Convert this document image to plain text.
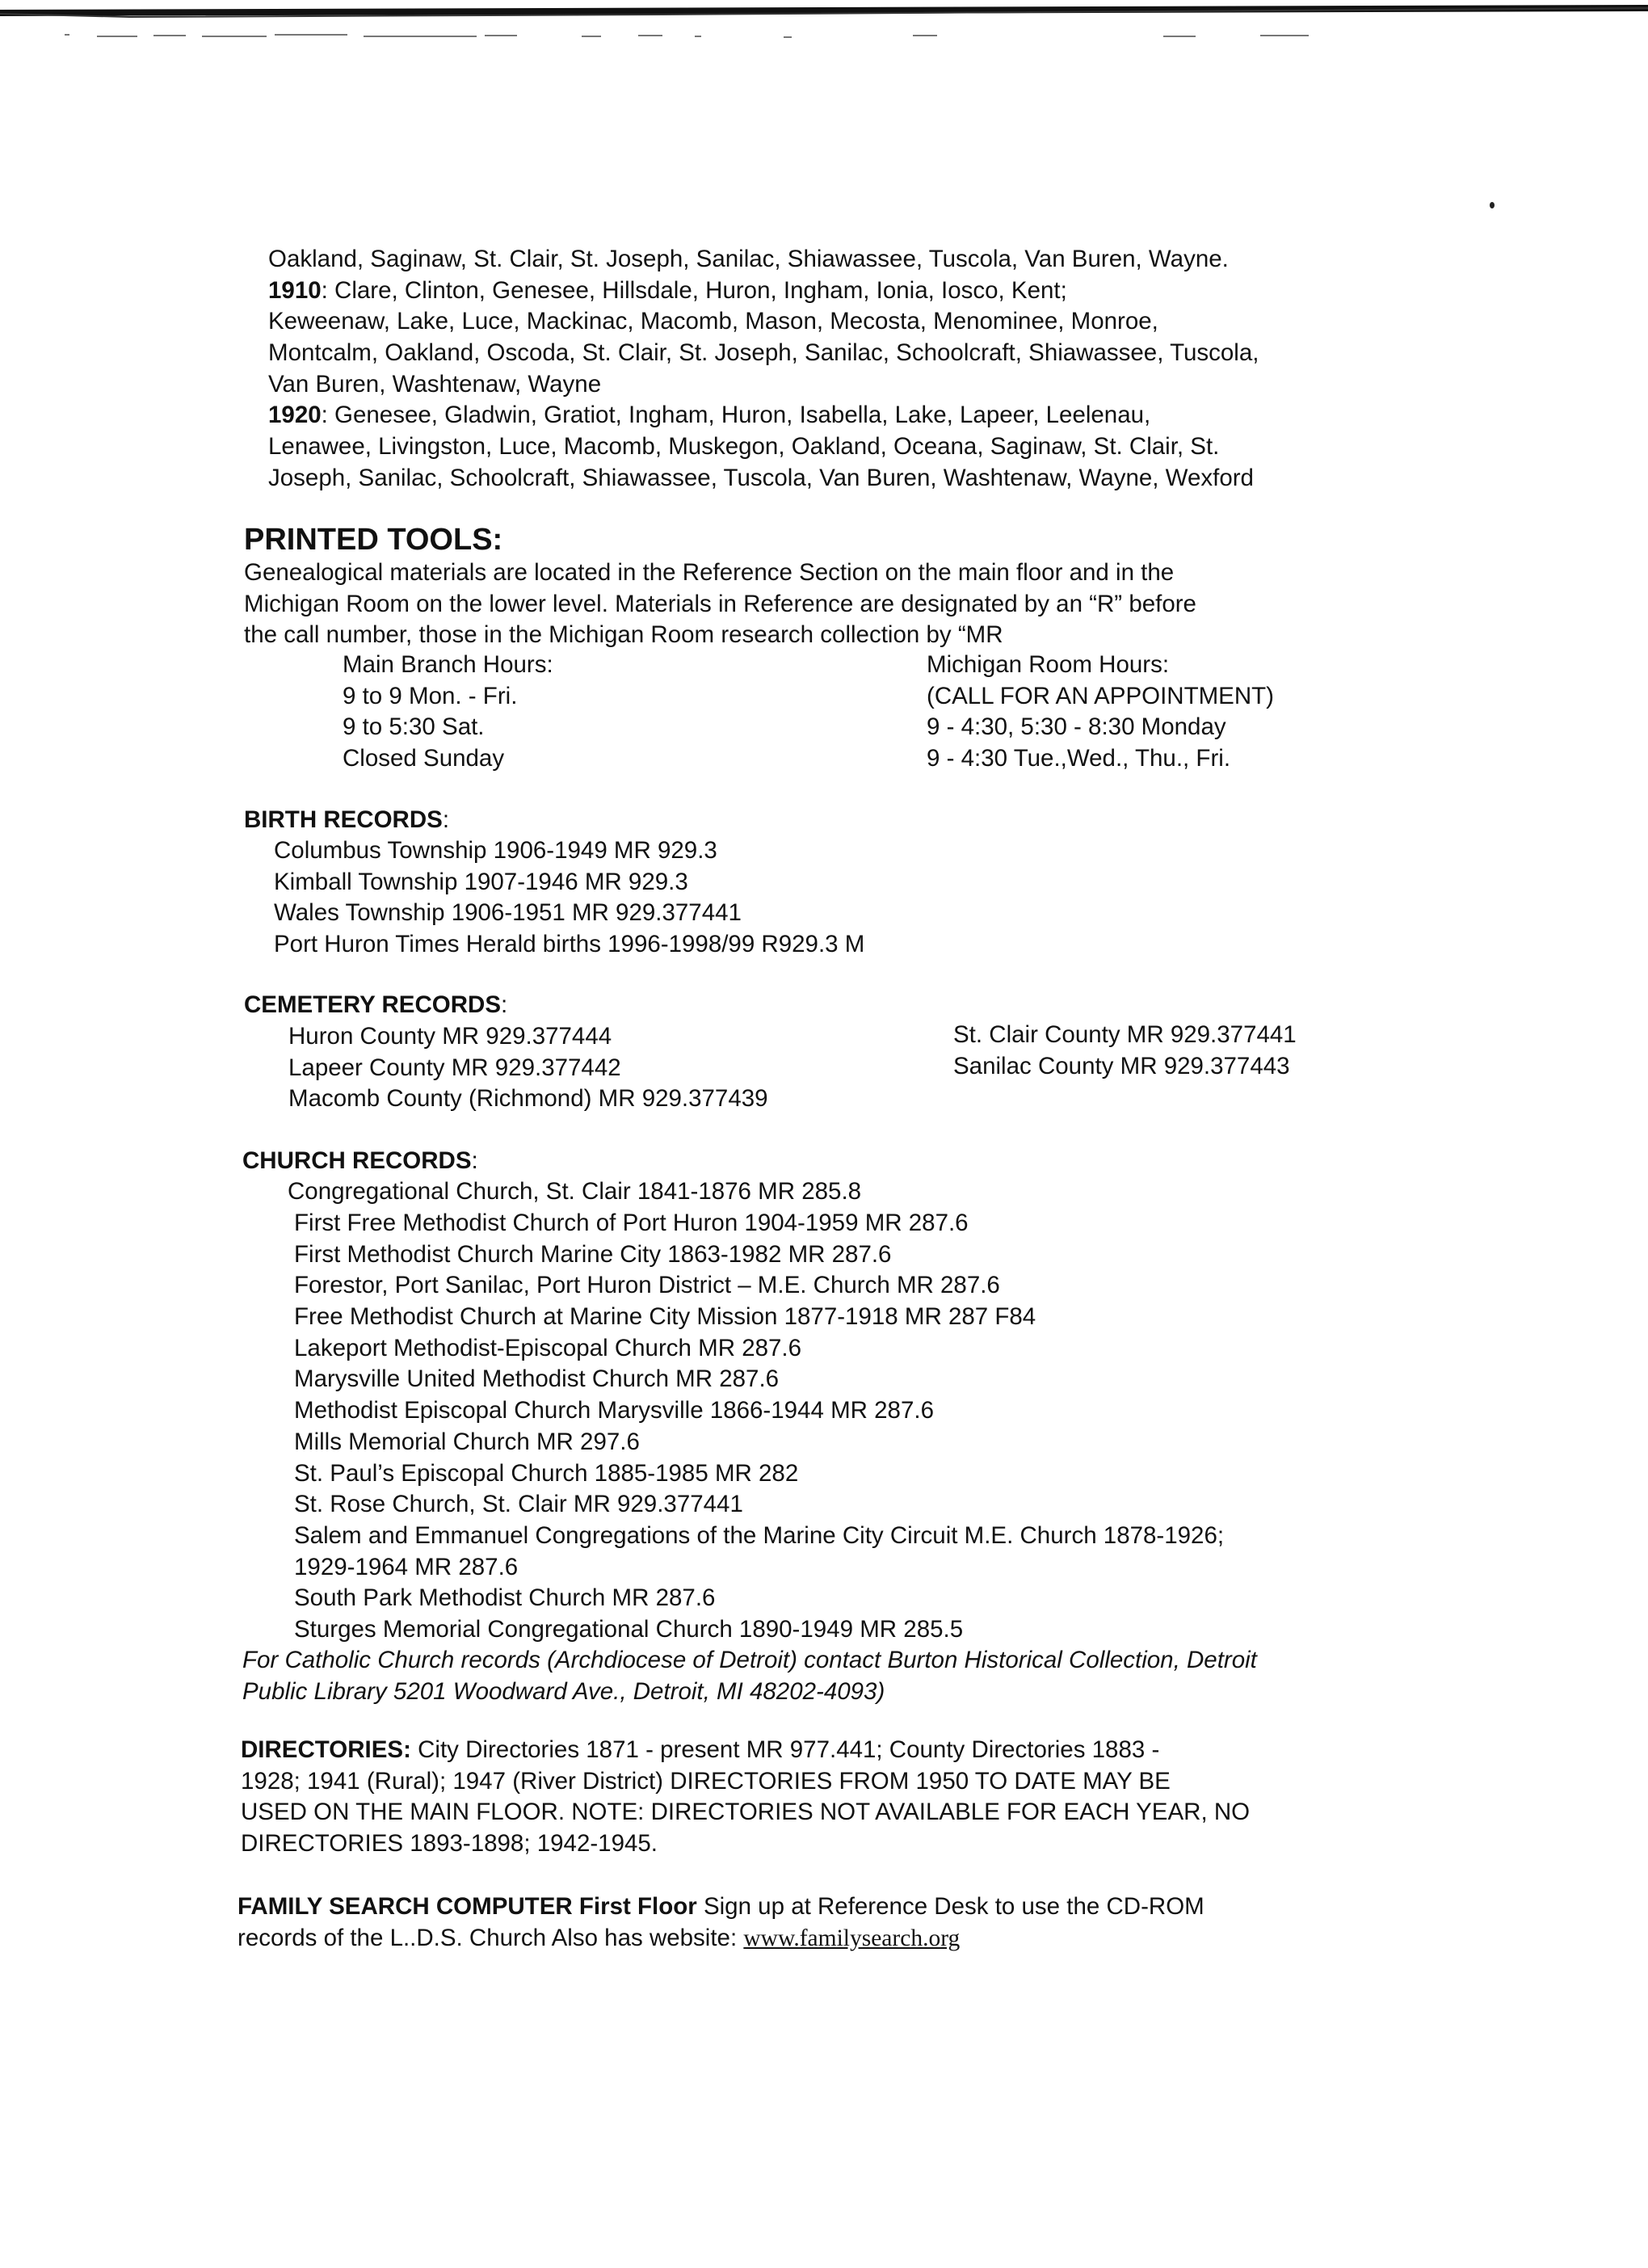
Oakland, Saginaw, St. Clair, St. Joseph, Sanilac, Shiawassee, Tuscola, Van Buren, Wayne.
1910: Clare, Clinton, Genesee, Hillsdale, Huron, Ingham, Ionia, Iosco, Kent;
Keweenaw, Lake, Luce, Mackinac, Macomb, Mason, Mecosta, Menominee, Monroe,
Montcalm, Oakland, Oscoda, St. Clair, St. Joseph, Sanilac, Schoolcraft, Shiawassee, Tuscola,
Van Buren, Washtenaw, Wayne
1920: Genesee, Gladwin, Gratiot, Ingham, Huron, Isabella, Lake, Lapeer, Leelenau,
Lenawee, Livingston, Luce, Macomb, Muskegon, Oakland, Oceana, Saginaw, St. Clair, St.
Joseph, Sanilac, Schoolcraft, Shiawassee, Tuscola, Van Buren, Washtenaw, Wayne, Wexford
PRINTED TOOLS:
Genealogical materials are located in the Reference Section on the main floor and in the
Michigan Room on the lower level. Materials in Reference are designated by an “R” before
the call number, those in the Michigan Room research collection by “MR
Main Branch Hours:
9 to 9 Mon. - Fri.
9 to 5:30 Sat.
Closed Sunday
Michigan Room Hours:
(CALL FOR AN APPOINTMENT)
9 - 4:30, 5:30 - 8:30 Monday
9 - 4:30 Tue.,Wed., Thu., Fri.
BIRTH RECORDS:
Columbus Township 1906-1949 MR 929.3
Kimball Township 1907-1946 MR 929.3
Wales Township 1906-1951 MR 929.377441
Port Huron Times Herald births 1996-1998/99 R929.3 M
CEMETERY RECORDS:
Huron County MR 929.377444
Lapeer County MR 929.377442
Macomb County (Richmond) MR 929.377439
St. Clair County MR 929.377441
Sanilac County MR 929.377443
CHURCH RECORDS:
Congregational Church, St. Clair 1841-1876 MR 285.8
First Free Methodist Church of Port Huron 1904-1959 MR 287.6
First Methodist Church Marine City 1863-1982 MR 287.6
Forestor, Port Sanilac, Port Huron District – M.E. Church MR 287.6
Free Methodist Church at Marine City Mission 1877-1918 MR 287 F84
Lakeport Methodist-Episcopal Church MR 287.6
Marysville United Methodist Church MR 287.6
Methodist Episcopal Church Marysville 1866-1944 MR 287.6
Mills Memorial Church MR 297.6
St. Paul’s Episcopal Church 1885-1985 MR 282
St. Rose Church, St. Clair MR 929.377441
Salem and Emmanuel Congregations of the Marine City Circuit M.E. Church 1878-1926;
1929-1964 MR 287.6
South Park Methodist Church MR 287.6
Sturges Memorial Congregational Church 1890-1949 MR 285.5
For Catholic Church records (Archdiocese of Detroit) contact Burton Historical Collection, Detroit
Public Library 5201 Woodward Ave., Detroit, MI 48202-4093)
DIRECTORIES: City Directories 1871 - present MR 977.441; County Directories 1883 -
1928; 1941 (Rural); 1947 (River District) DIRECTORIES FROM 1950 TO DATE MAY BE
USED ON THE MAIN FLOOR. NOTE: DIRECTORIES NOT AVAILABLE FOR EACH YEAR, NO
DIRECTORIES 1893-1898; 1942-1945.
FAMILY SEARCH COMPUTER First Floor Sign up at Reference Desk to use the CD-ROM
records of the L..D.S. Church Also has website: www.familysearch.org
